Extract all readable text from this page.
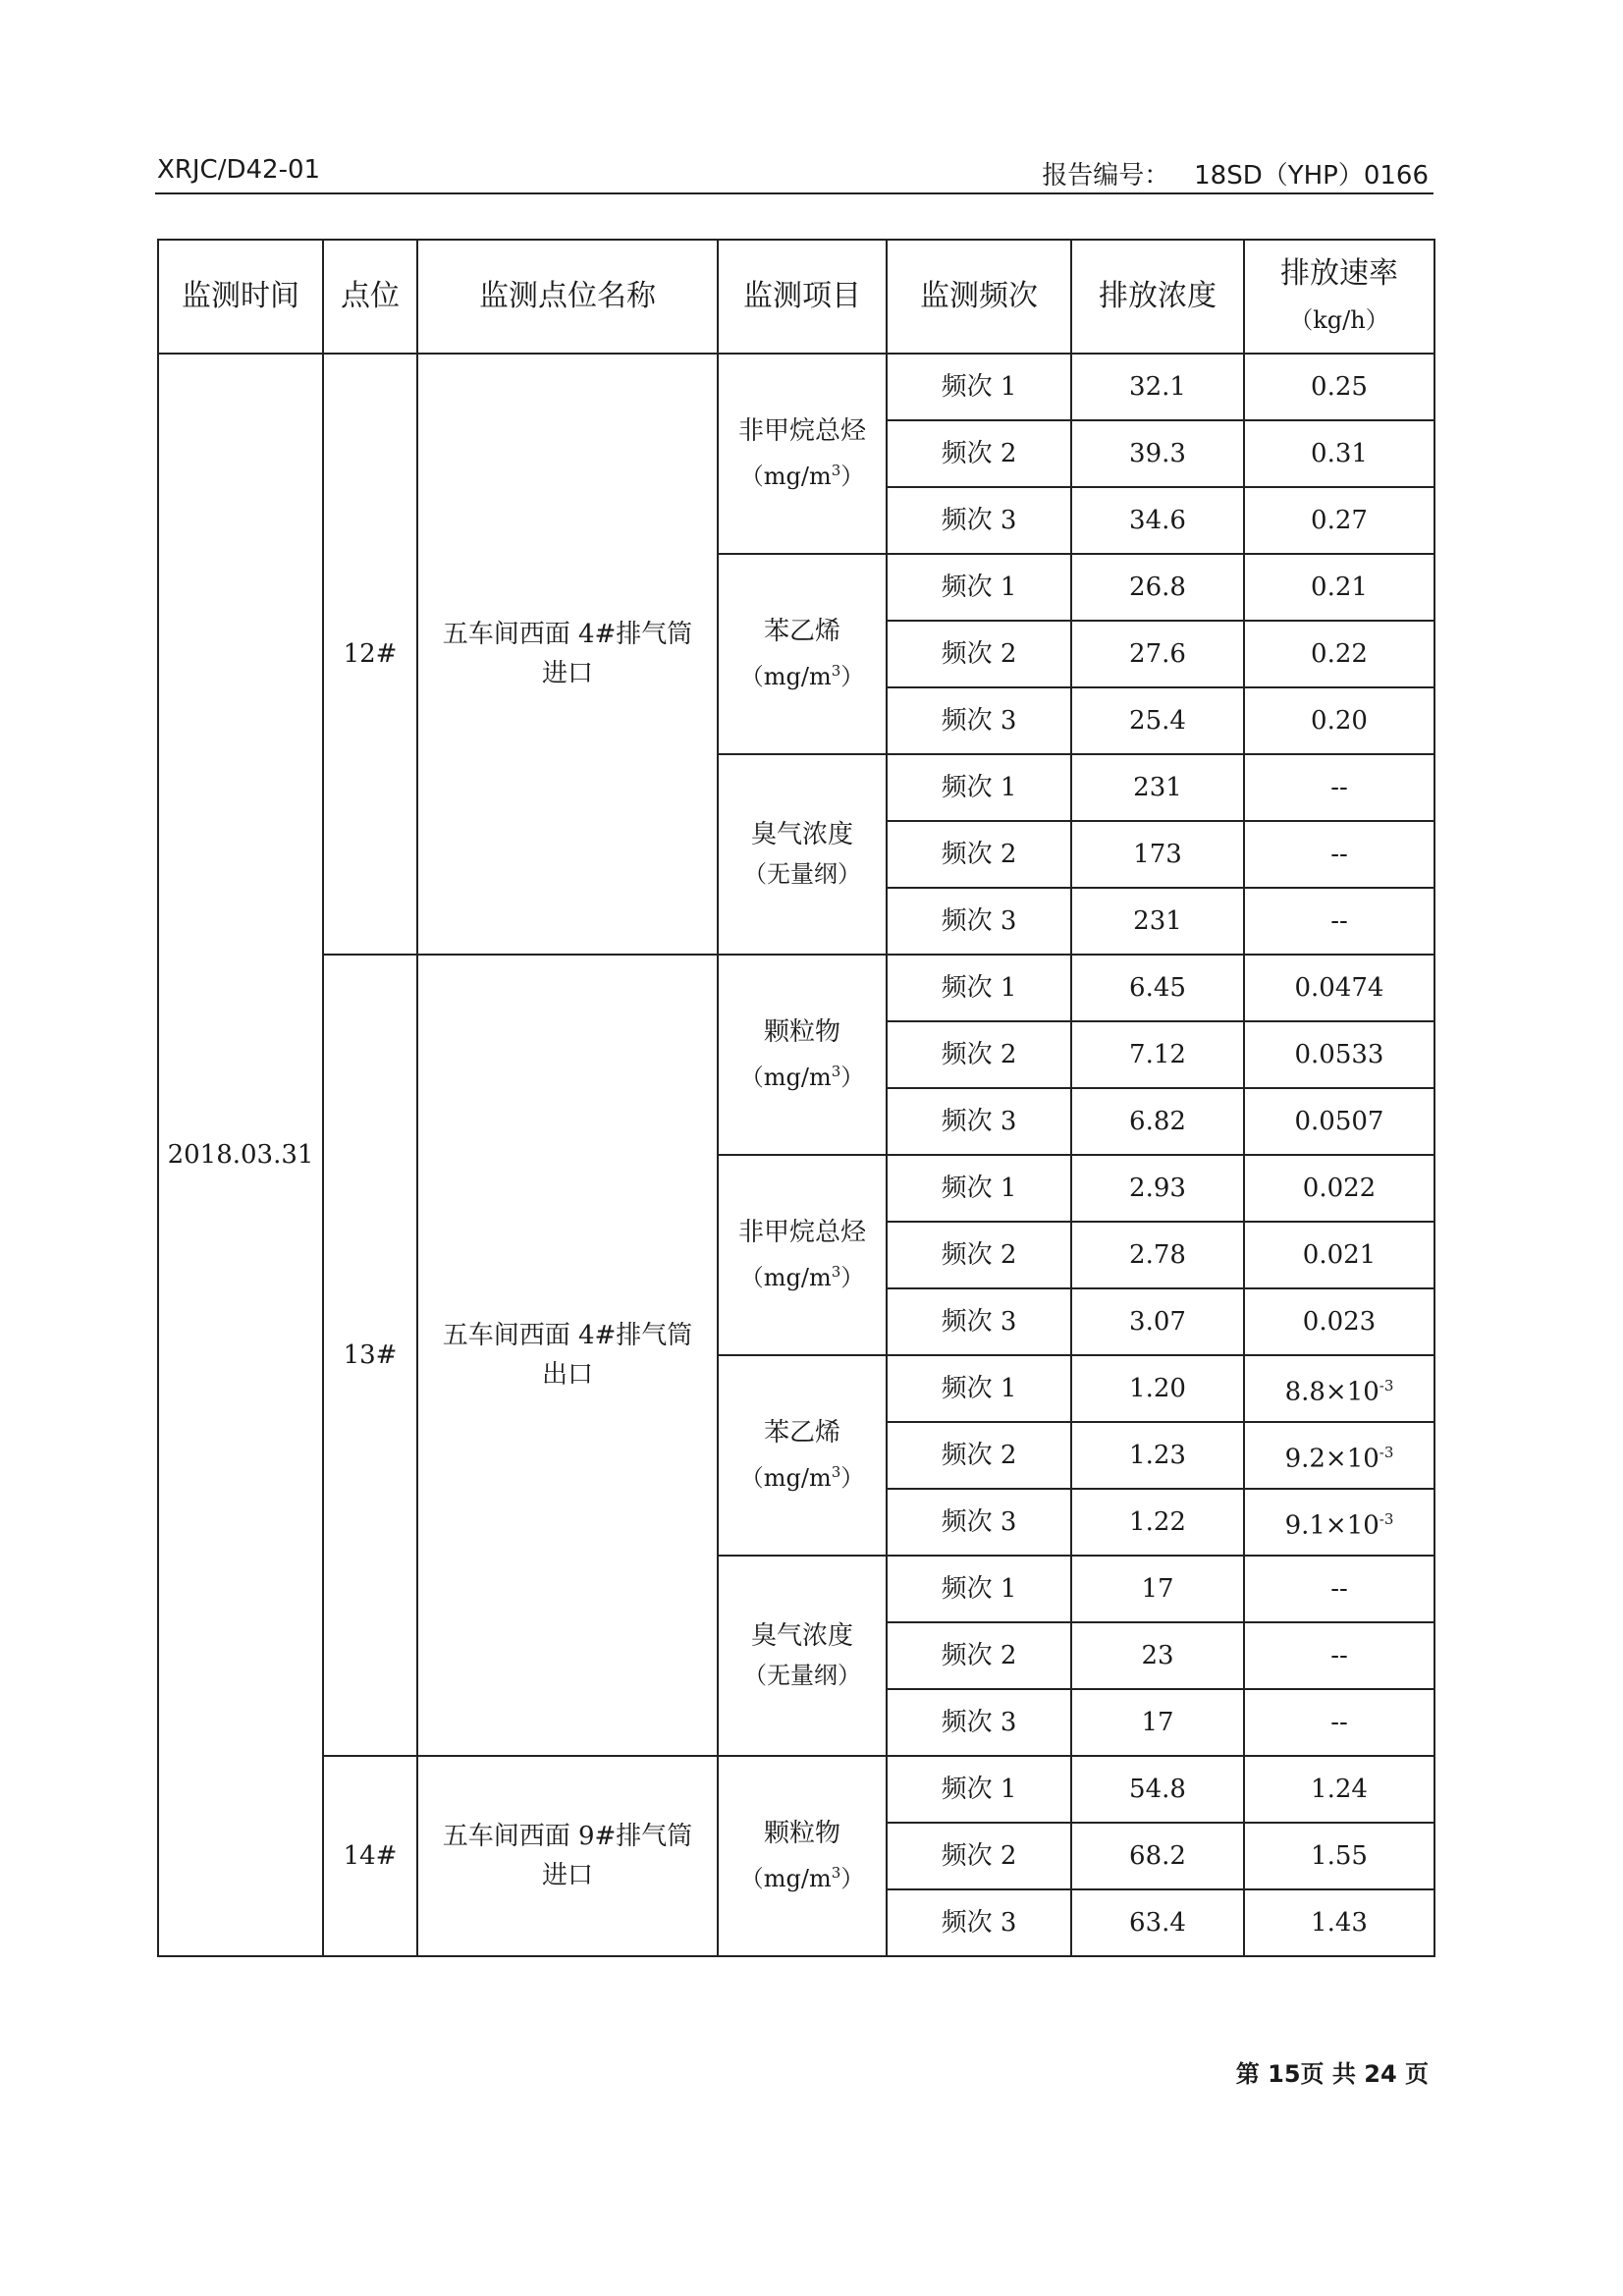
XRJC/D42-01	报告编号： 18SD（YHP）0166
监测时间	点位	监测点位名称	监测项目	监测频次	排放浓度	排放速率
（kg/h）
2018.03.31	12#	五车间西面 4#排气筒
进口	非甲烷总烃
$(mg/m^3)$	频次 1	32.1	0.25
				频次 2	39.3	0.31
				频次 3	34.6	0.27
			苯乙烯
$(mg/m^3)$	频次 1	26.8	0.21
				频次 2	27.6	0.22
				频次 3	25.4	0.20
			臭气浓度
（无量纲）	频次 1	231	--
				频次 2	173	--
				频次 3	231	--
	13#	五车间西面 4#排气筒
出口	颗粒物
$(mg/m^3)$	频次 1	6.45	0.0474
				频次 2	7.12	0.0533
				频次 3	6.82	0.0507
			非甲烷总烃
$(mg/m^3)$	频次 1	2.93	0.022
				频次 2	2.78	0.021
				频次 3	3.07	0.023
			苯乙烯
$(mg/m^3)$	频次 1	1.20	$8.8\times 10^{-3}$
				频次 2	1.23	$9.2\times 10^{-3}$
				频次 3	1.22	$9.1\times 10^{-3}$
			臭气浓度
（无量纲）	频次 1	17	--
				频次 2	23	--
				频次 3	17	--
	14#	五车间西面 9#排气筒
进口	颗粒物
$(mg/m^3)$	频次 1	54.8	1.24
				频次 2	68.2	1.55
				频次 3	63.4	1.43
第 15页 共 24 页
